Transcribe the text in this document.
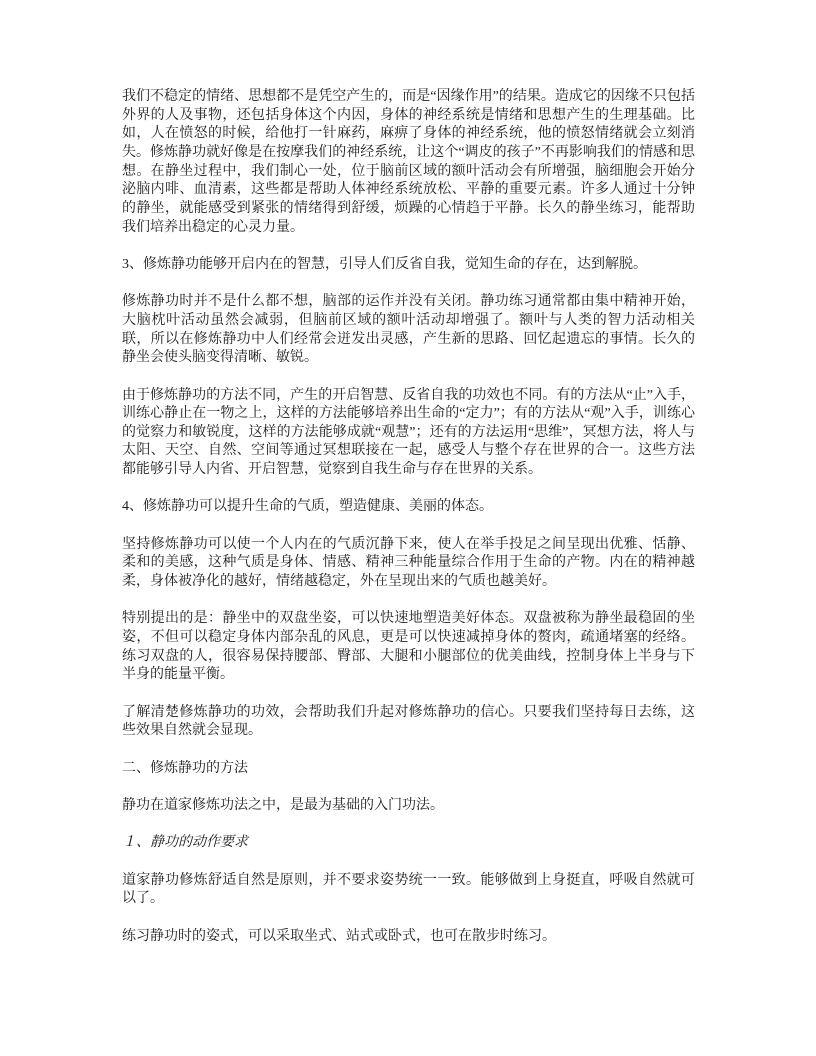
我们不稳定的情绪、思想都不是凭空产生的，而是“因缘作用”的结果。造成它的因缘不只包括外界的人及事物，还包括身体这个内因，身体的神经系统是情绪和思想产生的生理基础。比如，人在愤怒的时候，给他打一针麻药，麻痹了身体的神经系统，他的愤怒情绪就会立刻消失。修炼静功就好像是在按摩我们的神经系统，让这个“调皮的孩子”不再影响我们的情感和思想。在静坐过程中，我们制心一处，位于脑前区域的额叶活动会有所增强，脑细胞会开始分泌脑内啡、血清素，这些都是帮助人体神经系统放松、平静的重要元素。许多人通过十分钟的静坐，就能感受到紧张的情绪得到舒缓，烦躁的心情趋于平静。长久的静坐练习，能帮助我们培养出稳定的心灵力量。

3、修炼静功能够开启内在的智慧，引导人们反省自我，觉知生命的存在，达到解脱。

修炼静功时并不是什么都不想，脑部的运作并没有关闭。静功练习通常都由集中精神开始，大脑枕叶活动虽然会减弱，但脑前区域的额叶活动却增强了。额叶与人类的智力活动相关联，所以在修炼静功中人们经常会迸发出灵感，产生新的思路、回忆起遗忘的事情。长久的静坐会使头脑变得清晰、敏锐。

由于修炼静功的方法不同，产生的开启智慧、反省自我的功效也不同。有的方法从“止”入手，训练心静止在一物之上，这样的方法能够培养出生命的“定力”；有的方法从“观”入手，训练心的觉察力和敏锐度，这样的方法能够成就“观慧”；还有的方法运用“思维”，冥想方法，将人与太阳、天空、自然、空间等通过冥想联接在一起，感受人与整个存在世界的合一。这些方法都能够引导人内省、开启智慧，觉察到自我生命与存在世界的关系。

4、修炼静功可以提升生命的气质，塑造健康、美丽的体态。

坚持修炼静功可以使一个人内在的气质沉静下来，使人在举手投足之间呈现出优雅、恬静、柔和的美感，这种气质是身体、情感、精神三种能量综合作用于生命的产物。内在的精神越柔，身体被净化的越好，情绪越稳定，外在呈现出来的气质也越美好。

特别提出的是：静坐中的双盘坐姿，可以快速地塑造美好体态。双盘被称为静坐最稳固的坐姿，不但可以稳定身体内部杂乱的风息，更是可以快速减掉身体的赘肉，疏通堵塞的经络。练习双盘的人，很容易保持腰部、臀部、大腿和小腿部位的优美曲线，控制身体上半身与下半身的能量平衡。

了解清楚修炼静功的功效，会帮助我们升起对修炼静功的信心。只要我们坚持每日去练，这些效果自然就会显现。

二、修炼静功的方法

静功在道家修炼功法之中，是最为基础的入门功法。

１、静功的动作要求

道家静功修炼舒适自然是原则，并不要求姿势统一一致。能够做到上身挺直，呼吸自然就可以了。

练习静功时的姿式，可以采取坐式、站式或卧式，也可在散步时练习。
